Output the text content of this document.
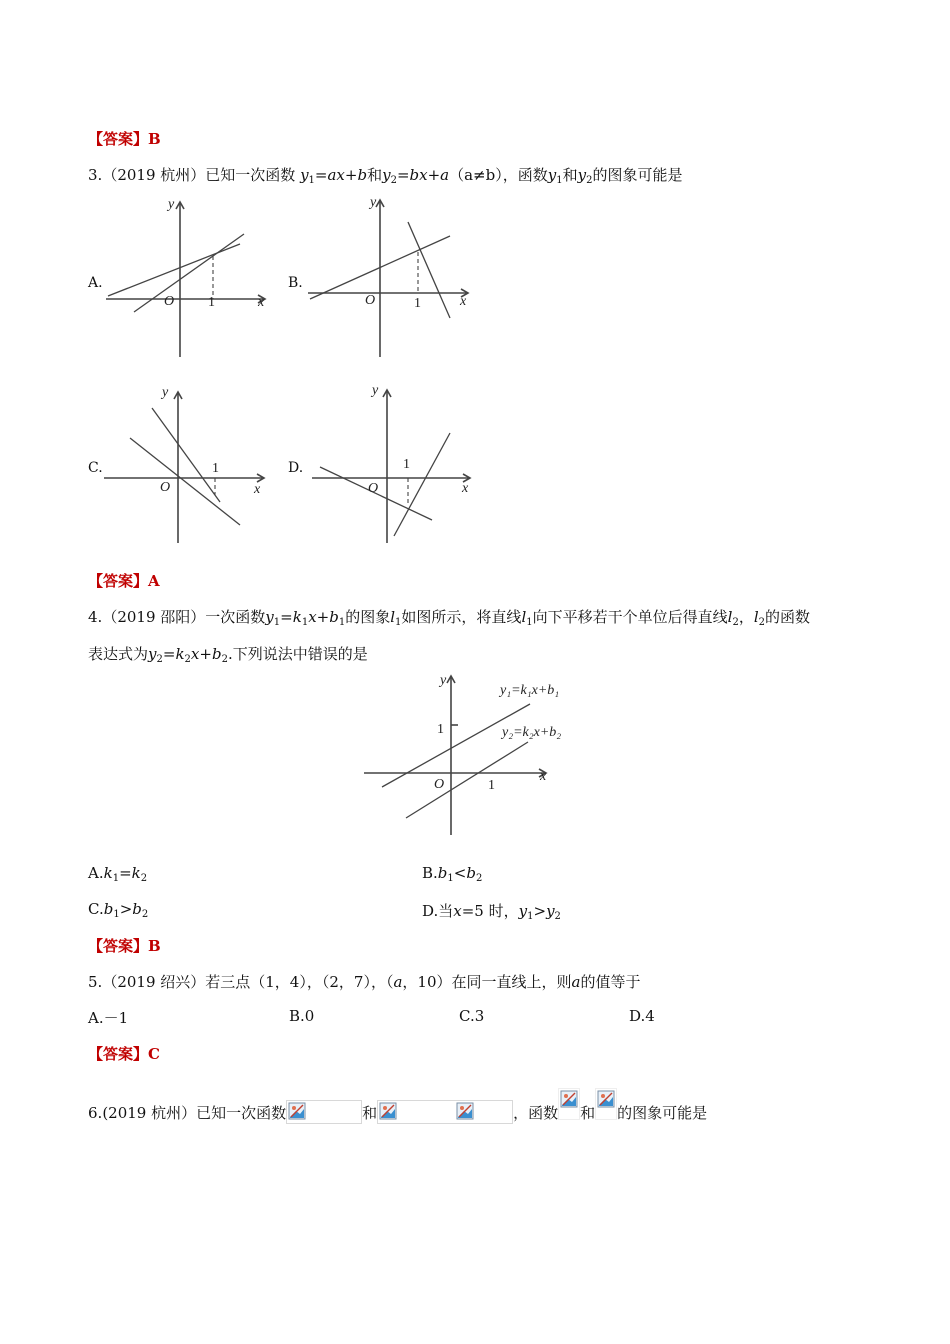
【答案】B
3.（2019 杭州）已知一次函数 $y_1=ax+b$和$y_2=bx+a(a\ne b)$，函数$y_1$和$y_2$的图象可能是
A.
x
y
O 1
B.
x
y
O	1
C.
x
y
O
1	D.
x
y
O
1
【答案】A
4.（2019 邵阳）一次函数$y_1=k_1x+b_1$的图象$l_1$如图所示，将直线$l_1$向下平移若干个单位后得直线$l_2$，$l_2$的函数
表达式为$y_2=k_2x+b_2$.下列说法中错误的是
x
y
O
1
1
y₁=k₁x+b₁
y₂=k₂x+b₂
$A.k_1=k_2$	$B.b_1<b_2$
$C.b_1>b_2$	D.当x=5 时，$y_1>y_2$
【答案】B
5.（2019 绍兴）若三点（1，4），（2，7），（a，10）在同一直线上，则a的值等于
A.－1	B.0	C.3	D.4
【答案】C
6.(2019 杭州）已知一次函数	和	，函数 和 的图象可能是
